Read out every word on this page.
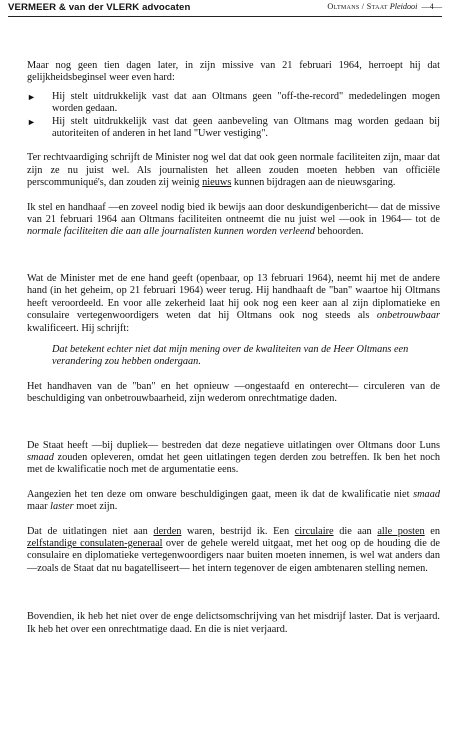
VERMEER & van der VLERK advocaten	Oltmans / Staat Pleidooi —4—

Maar nog geen tien dagen later, in zijn missive van 21 februari 1964, herroept hij dat gelijkheidsbeginsel weer even hard:

► Hij stelt uitdrukkelijk vast dat aan Oltmans geen "off-the-record" mededelingen mogen worden gedaan.
► Hij stelt uitdrukkelijk vast dat geen aanbeveling van Oltmans mag worden gedaan bij autoriteiten of anderen in het land "Uwer vestiging".

Ter rechtvaardiging schrijft de Minister nog wel dat dat ook geen normale faciliteiten zijn, maar dat zijn ze nu juist wel. Als journalisten het alleen zouden moeten hebben van officiële perscommuniqué's, dan zouden zij weinig nieuws kunnen bijdragen aan de nieuwsgaring.

Ik stel en handhaaf —en zoveel nodig bied ik bewijs aan door deskundigenbericht— dat de missive van 21 februari 1964 aan Oltmans faciliteiten ontneemt die nu juist wel —ook in 1964— tot de normale faciliteiten die aan alle journalisten kunnen worden verleend behoorden.

Wat de Minister met de ene hand geeft (openbaar, op 13 februari 1964), neemt hij met de andere hand (in het geheim, op 21 februari 1964) weer terug. Hij handhaaft de "ban" waartoe hij Oltmans heeft veroordeeld. En voor alle zekerheid laat hij ook nog een keer aan al zijn diplomatieke en consulaire vertegenwoordigers weten dat hij Oltmans ook nog steeds als onbetrouwbaar kwalificeert. Hij schrijft:

Dat betekent echter niet dat mijn mening over de kwaliteiten van de Heer Oltmans een verandering zou hebben ondergaan.

Het handhaven van de "ban" en het opnieuw —ongestaafd en onterecht— circuleren van de beschuldiging van onbetrouwbaarheid, zijn wederom onrechtmatige daden.

De Staat heeft —bij dupliek— bestreden dat deze negatieve uitlatingen over Oltmans door Luns smaad zouden opleveren, omdat het geen uitlatingen tegen derden zou betreffen. Ik ben het noch met de kwalificatie noch met de argumentatie eens.

Aangezien het ten deze om onware beschuldigingen gaat, meen ik dat de kwalificatie niet smaad maar laster moet zijn.

Dat de uitlatingen niet aan derden waren, bestrijd ik. Een circulaire die aan alle posten en zelfstandige consulaten-generaal over de gehele wereld uitgaat, met het oog op de houding die de consulaire en diplomatieke vertegenwoordigers naar buiten moeten innemen, is wel wat anders dan —zoals de Staat dat nu bagatelliseert— het intern tegenover de eigen ambtenaren stelling nemen.

Bovendien, ik heb het niet over de enge delictsomschrijving van het misdrijf laster. Dat is verjaard. Ik heb het over een onrechtmatige daad. En die is niet verjaard.
